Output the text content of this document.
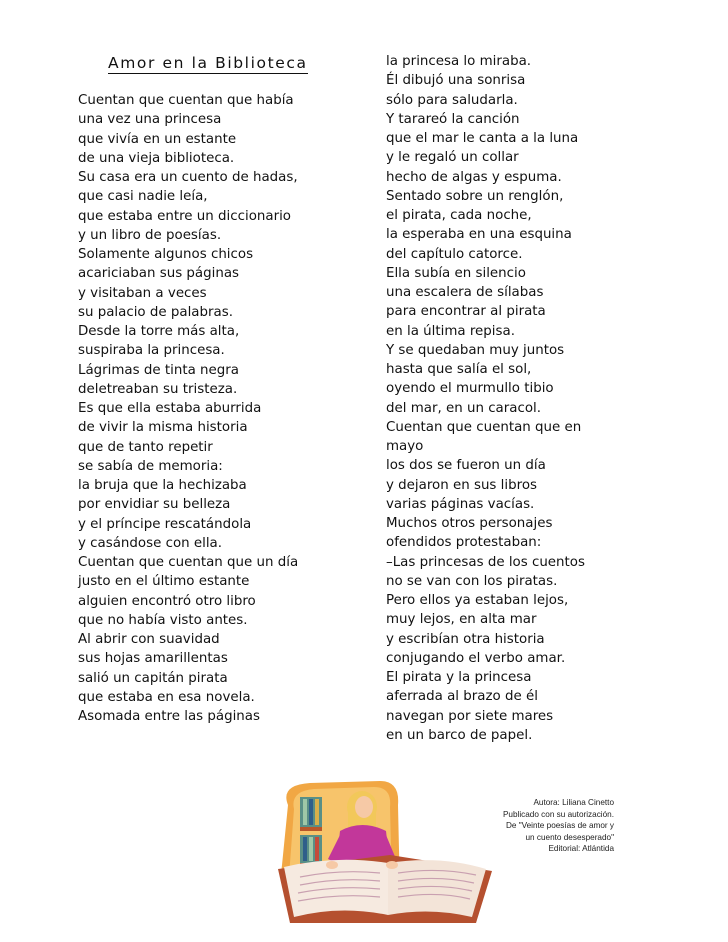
Amor en la Biblioteca
Cuentan que cuentan que había
una vez una princesa
que vivía en un estante
de una vieja biblioteca.
Su casa era un cuento de hadas,
que casi nadie leía,
que estaba entre un diccionario
y un libro de poesías.
Solamente algunos chicos
acariciaban sus páginas
y visitaban a veces
su palacio de palabras.
Desde la torre más alta,
suspiraba la princesa.
Lágrimas de tinta negra
deletreaban su tristeza.
Es que ella estaba aburrida
de vivir la misma historia
que de tanto repetir
se sabía de memoria:
la bruja que la hechizaba
por envidiar su belleza
y el príncipe rescatándola
y casándose con ella.
Cuentan que cuentan que un día
justo en el último estante
alguien encontró otro libro
que no había visto antes.
Al abrir con suavidad
sus hojas amarillentas
salió un capitán pirata
que estaba en esa novela.
Asomada entre las páginas
la princesa lo miraba.
Él dibujó una sonrisa
sólo para saludarla.
Y tarareó la canción
que el mar le canta a la luna
y le regaló un collar
hecho de algas y espuma.
Sentado sobre un renglón,
el pirata, cada noche,
la esperaba en una esquina
del capítulo catorce.
Ella subía en silencio
una escalera de sílabas
para encontrar al pirata
en la última repisa.
Y se quedaban muy juntos
hasta que salía el sol,
oyendo el murmullo tibio
del mar, en un caracol.
Cuentan que cuentan que en
mayo
los dos se fueron un día
y dejaron en sus libros
varias páginas vacías.
Muchos otros personajes
ofendidos protestaban:
–Las princesas de los cuentos
no se van con los piratas.
Pero ellos ya estaban lejos,
muy lejos, en alta mar
y escribían otra historia
conjugando el verbo amar.
El pirata y la princesa
aferrada al brazo de él
navegan por siete mares
en un barco de papel.
Autora: Liliana Cinetto
Publicado con su autorización.
De "Veinte poesías de amor y
un cuento desesperado"
Editorial: Atlántida
